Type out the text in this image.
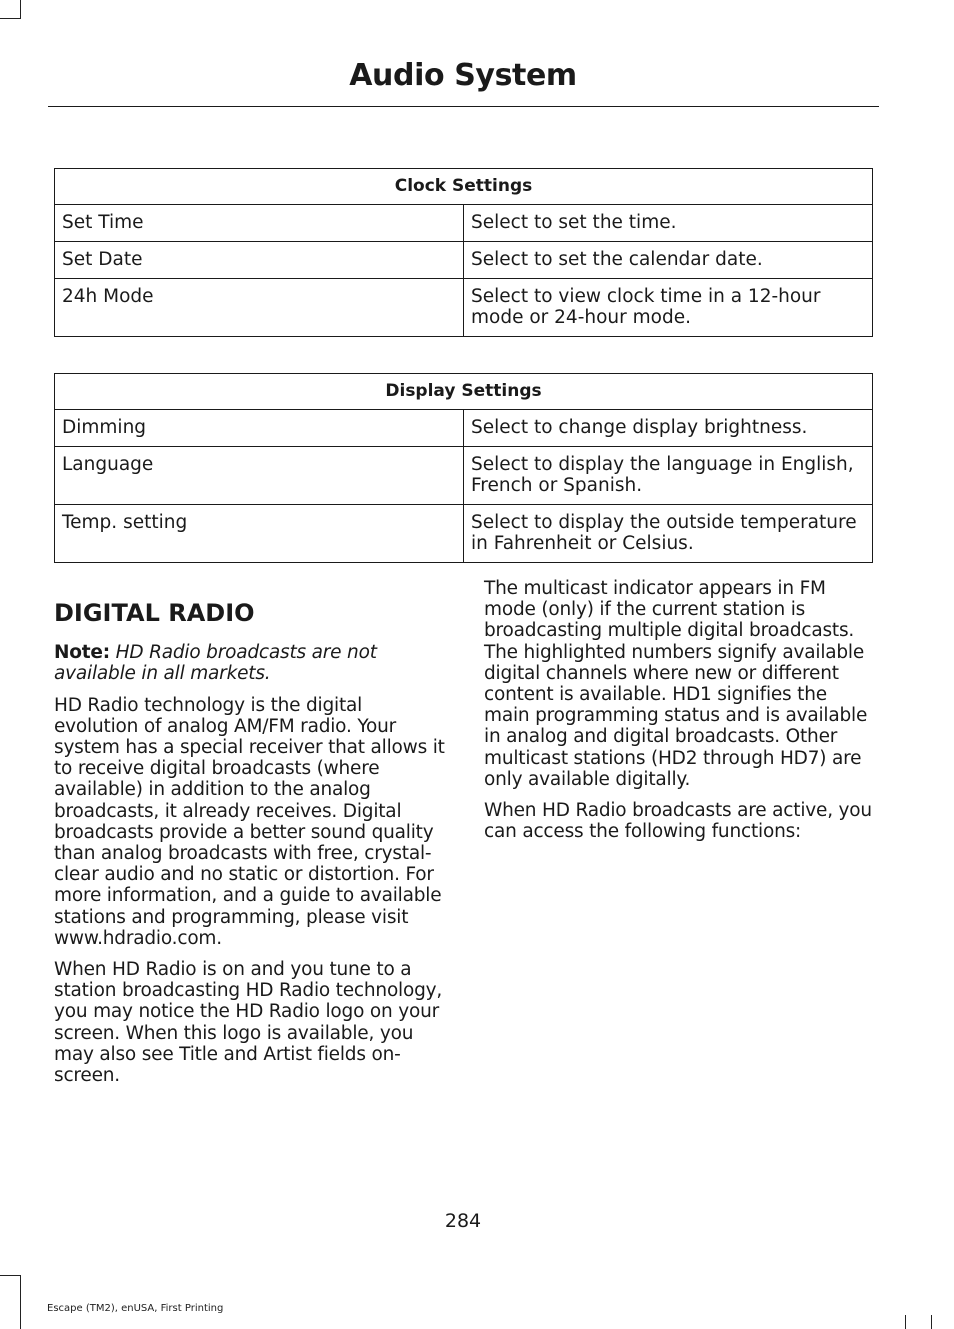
Audio System
Clock Settings	
Set Time	Select to set the time.
Set Date	Select to set the calendar date.
24h Mode	Select to view clock time in a 12-hour mode or 24-hour mode.
Display Settings	
Dimming	Select to change display brightness.
Language	Select to display the language in English, French or Spanish.
Temp. setting	Select to display the outside temperature in Fahrenheit or Celsius.

DIGITAL RADIO

Note: HD Radio broadcasts are not available in all markets.

HD Radio technology is the digital evolution of analog AM/FM radio. Your system has a special receiver that allows it to receive digital broadcasts (where available) in addition to the analog broadcasts, it already receives. Digital broadcasts provide a better sound quality than analog broadcasts with free, crystal-clear audio and no static or distortion. For more information, and a guide to available stations and programming, please visit www.hdradio.com.

When HD Radio is on and you tune to a station broadcasting HD Radio technology, you may notice the HD Radio logo on your screen. When this logo is available, you may also see Title and Artist fields on-screen.

The multicast indicator appears in FM mode (only) if the current station is broadcasting multiple digital broadcasts. The highlighted numbers signify available digital channels where new or different content is available. HD1 signifies the main programming status and is available in analog and digital broadcasts. Other multicast stations (HD2 through HD7) are only available digitally.

When HD Radio broadcasts are active, you can access the following functions:

284
Escape (TM2), enUSA, First Printing
